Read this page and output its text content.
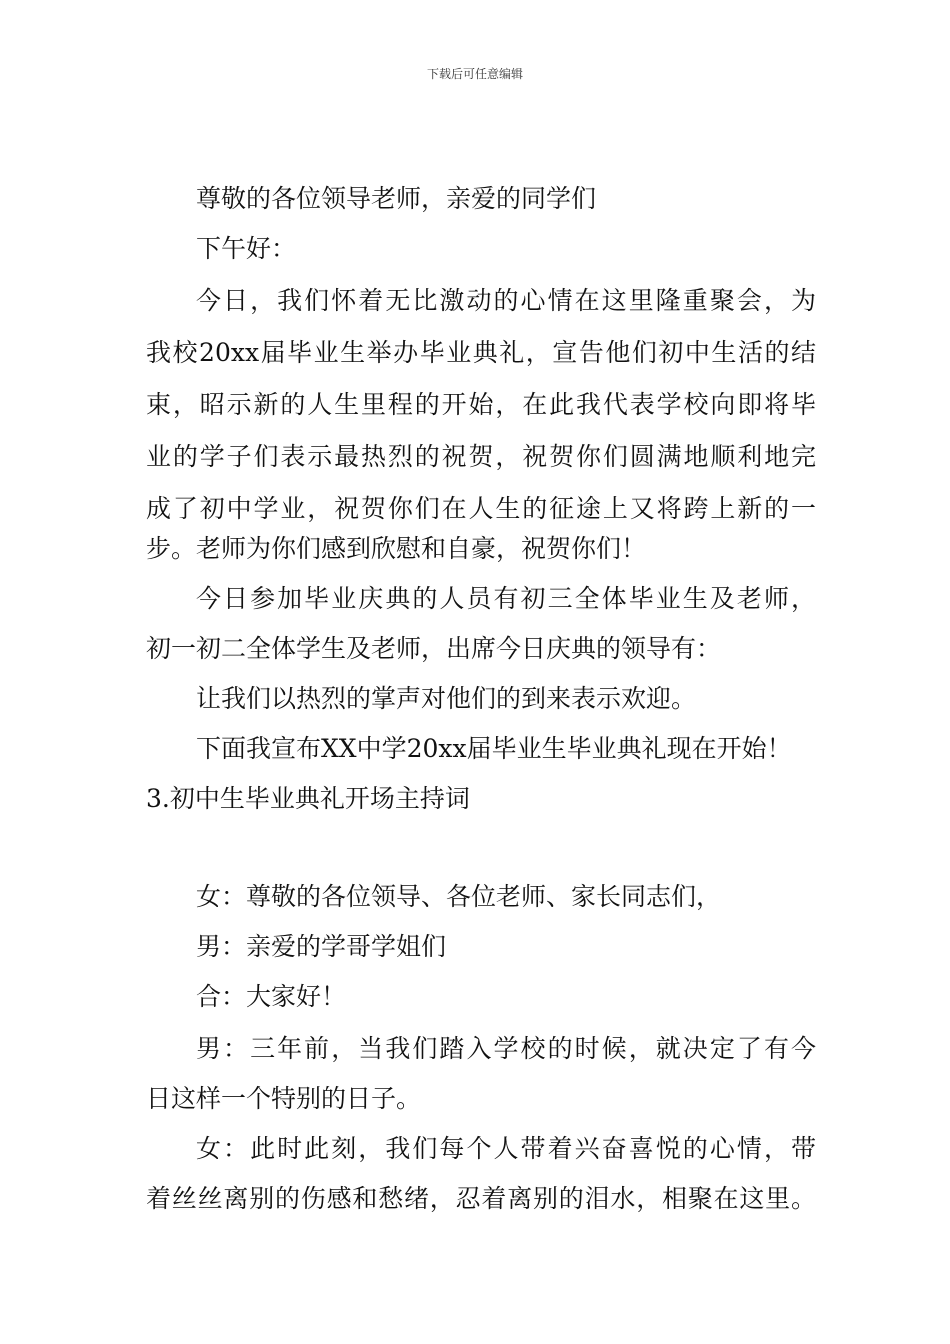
下载后可任意编辑
尊敬的各位领导老师，亲爱的同学们
下午好：
今日，我们怀着无比激动的心情在这里隆重聚会，为
我校20xx届毕业生举办毕业典礼，宣告他们初中生活的结
束，昭示新的人生里程的开始，在此我代表学校向即将毕
业的学子们表示最热烈的祝贺，祝贺你们圆满地顺利地完
成了初中学业，祝贺你们在人生的征途上又将跨上新的一
步。老师为你们感到欣慰和自豪，祝贺你们！
今日参加毕业庆典的人员有初三全体毕业生及老师，
初一初二全体学生及老师，出席今日庆典的领导有：
让我们以热烈的掌声对他们的到来表示欢迎。
下面我宣布XX中学20xx届毕业生毕业典礼现在开始！
3.初中生毕业典礼开场主持词
女：尊敬的各位领导、各位老师、家长同志们，
男：亲爱的学哥学姐们
合：大家好！
男：三年前，当我们踏入学校的时候，就决定了有今
日这样一个特别的日子。
女：此时此刻，我们每个人带着兴奋喜悦的心情，带
着丝丝离别的伤感和愁绪，忍着离别的泪水，相聚在这里。
